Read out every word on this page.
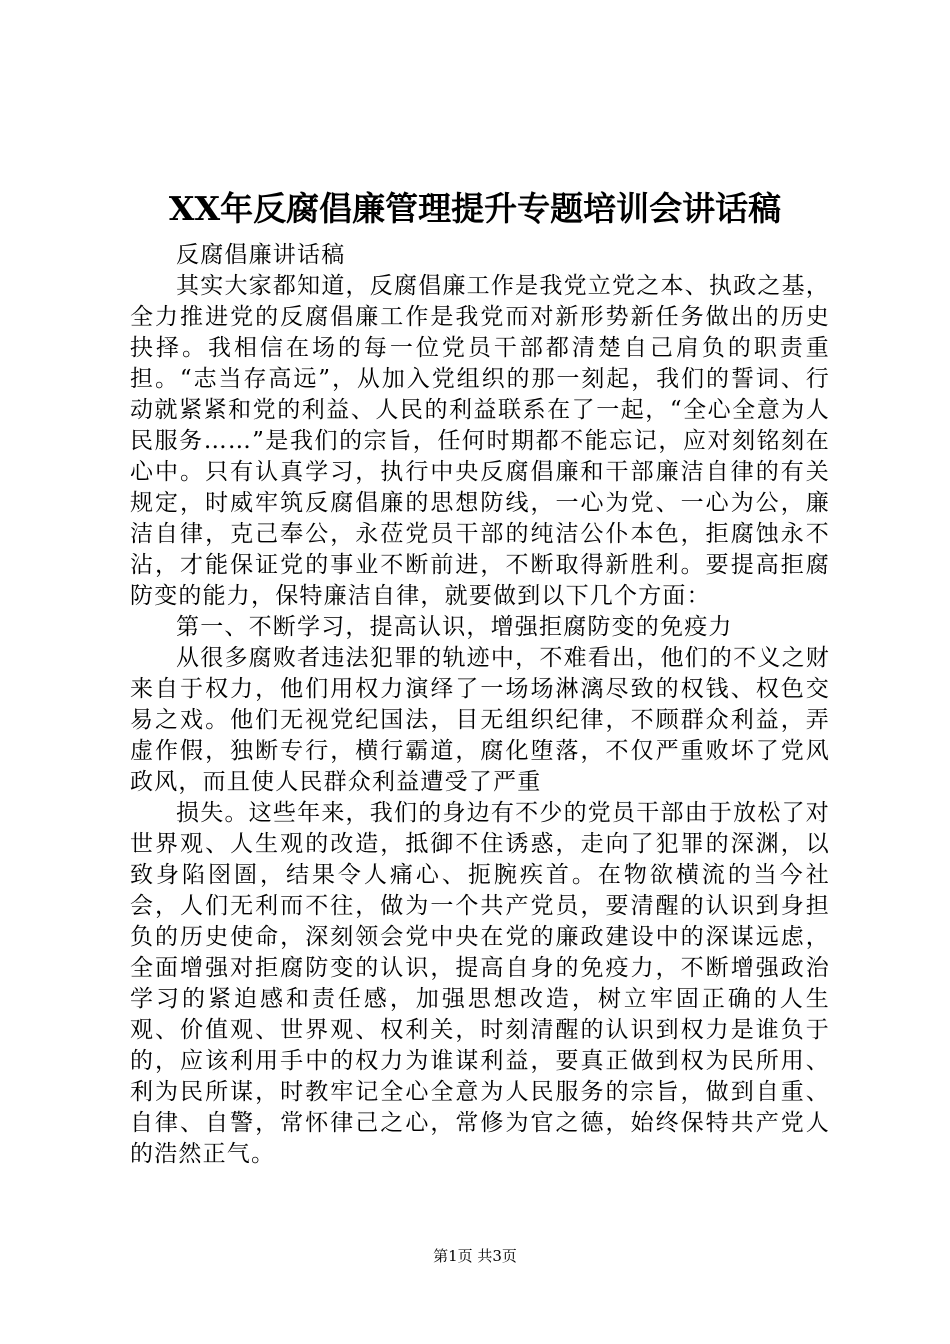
XX年反腐倡廉管理提升专题培训会讲话稿

反腐倡廉讲话稿

其实大家都知道，反腐倡廉工作是我党立党之本、执政之基，全力推进党的反腐倡廉工作是我党而对新形势新任务做出的历史抉择。我相信在场的每一位党员干部都清楚自己肩负的职责重担。“志当存高远”，从加入党组织的那一刻起，我们的誓词、行动就紧紧和党的利益、人民的利益联系在了一起，“全心全意为人民服务……”是我们的宗旨，任何时期都不能忘记，应对刻铭刻在心中。只有认真学习，执行中央反腐倡廉和干部廉洁自律的有关规定，时威牢筑反腐倡廉的思想防线，一心为党、一心为公，廉洁自律，克己奉公，永莅党员干部的纯洁公仆本色，拒腐蚀永不沾，才能保证党的事业不断前进，不断取得新胜利。要提高拒腐防变的能力，保特廉洁自律，就要做到以下几个方面：

第一、不断学习，提高认识，增强拒腐防变的免疫力

从很多腐败者违法犯罪的轨迹中，不难看出，他们的不义之财来自于权力，他们用权力演绎了一场场淋漓尽致的权钱、权色交易之戏。他们无视党纪国法，目无组织纪律，不顾群众利益，弄虚作假，独断专行，横行霸道，腐化堕落，不仅严重败坏了党风政风，而且使人民群众利益遭受了严重

损失。这些年来，我们的身边有不少的党员干部由于放松了对世界观、人生观的改造，抵御不住诱惑，走向了犯罪的深渊，以致身陷囹圄，结果令人痛心、扼腕疾首。在物欲横流的当今社会，人们无利而不往，做为一个共产党员，要清醒的认识到身担负的历史使命，深刻领会党中央在党的廉政建设中的深谋远虑，全面增强对拒腐防变的认识，提高自身的免疫力，不断增强政治学习的紧迫感和责任感，加强思想改造，树立牢固正确的人生观、价值观、世界观、权利关，时刻清醒的认识到权力是谁负于的，应该利用手中的权力为谁谋利益，要真正做到权为民所用、利为民所谋，时教牢记全心全意为人民服务的宗旨，做到自重、自律、自警，常怀律己之心，常修为官之德，始终保特共产党人的浩然正气。

第1页 共3页
